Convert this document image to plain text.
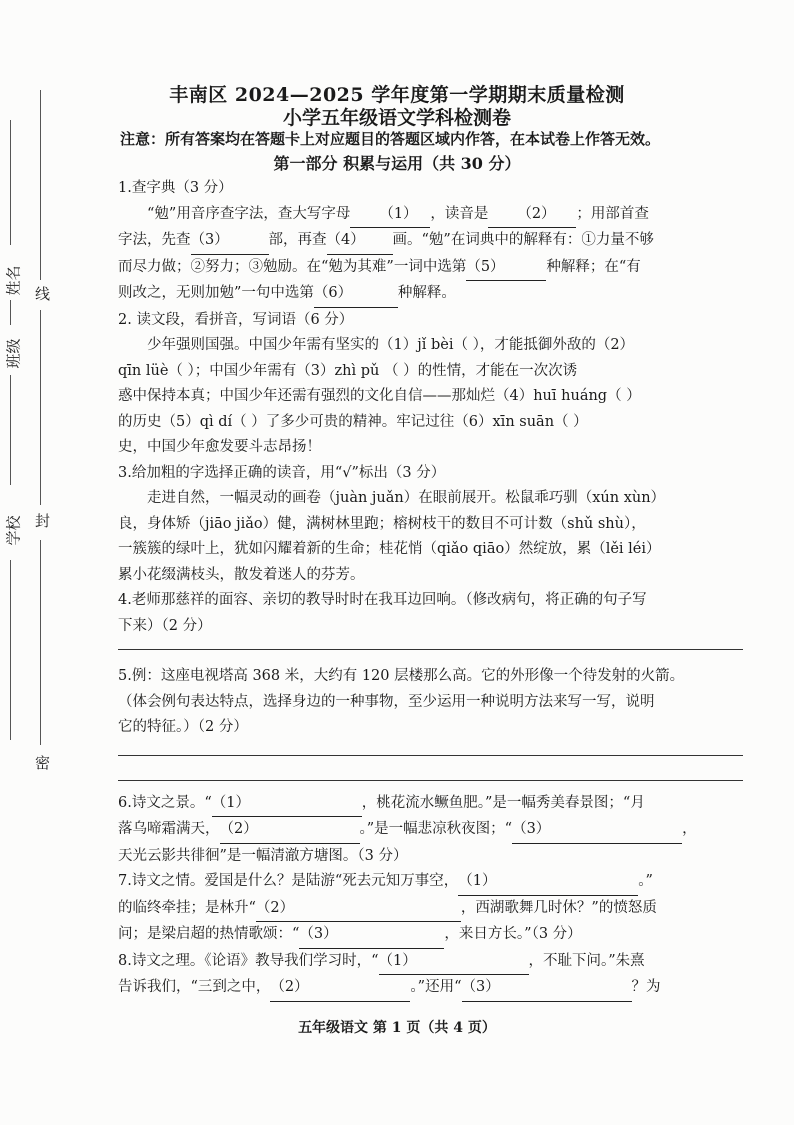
线
封
密
姓名
班级
学校
丰南区 2024—2025 学年度第一学期期末质量检测
小学五年级语文学科检测卷
注意：所有答案均在答题卡上对应题目的答题区域内作答，在本试卷上作答无效。
第一部分 积累与运用（共 30 分）

1.查字典（3 分）

“勉”用音序查字法，查大写字母 （1） ，读音是 （2） ；用部首查

字法，先查（3）	部，再查（4） 画。“勉”在词典中的解释有：①力量不够

而尽力做；②努力；③勉励。在“勉为其难”一词中选第（5）	种解释；在“有

则改之，无则加勉”一句中选第（6）	种解释。

2. 读文段，看拼音，写词语（6 分）

少年强则国强。中国少年需有坚实的（1）jǐ bèi（ ），才能抵御外敌的（2）

qīn lüè（ ）；中国少年需有（3）zhì pǔ （ ）的性情，才能在一次次诱

惑中保持本真；中国少年还需有强烈的文化自信——那灿烂（4）huī huáng（ ）

的历史（5）qì dí（ ）了多少可贵的精神。牢记过往（6）xīn suān（ ）

史，中国少年愈发要斗志昂扬！

3.给加粗的字选择正确的读音，用“√”标出（3 分）

走进自然，一幅灵动的画卷（juàn juǎn）在眼前展开。松鼠乖巧驯（xún xùn）

良，身体矫（jiāo jiǎo）健，满树林里跑；榕树枝干的数目不可计数（shǔ shù），

一簇簇的绿叶上，犹如闪耀着新的生命；桂花悄（qiǎo qiāo）然绽放，累（lěi léi）

累小花缀满枝头，散发着迷人的芬芳。

4.老师那慈祥的面容、亲切的教导时时在我耳边回响。（修改病句，将正确的句子写

下来）（2 分）

5.例：这座电视塔高 368 米，大约有 120 层楼那么高。它的外形像一个待发射的火箭。

（体会例句表达特点，选择身边的一种事物，至少运用一种说明方法来写一写，说明

它的特征。）（2 分）

6.诗文之景。“（1）	，桃花流水鳜鱼肥。”是一幅秀美春景图；“月

落乌啼霜满天，（2）	。”是一幅悲凉秋夜图；“（3）	，

天光云影共徘徊”是一幅清澈方塘图。（3 分）

7.诗文之情。爱国是什么？是陆游“死去元知万事空，（1）	。”

的临终牵挂；是林升“（2）	，西湖歌舞几时休？”的愤怒质

问；是梁启超的热情歌颂：“（3）	，来日方长。”（3 分）

8.诗文之理。《论语》教导我们学习时，“（1）	，不耻下问。”朱熹

告诉我们，“三到之中，（2）	。”还用“（3）	？为

五年级语文 第 1 页（共 4 页）
